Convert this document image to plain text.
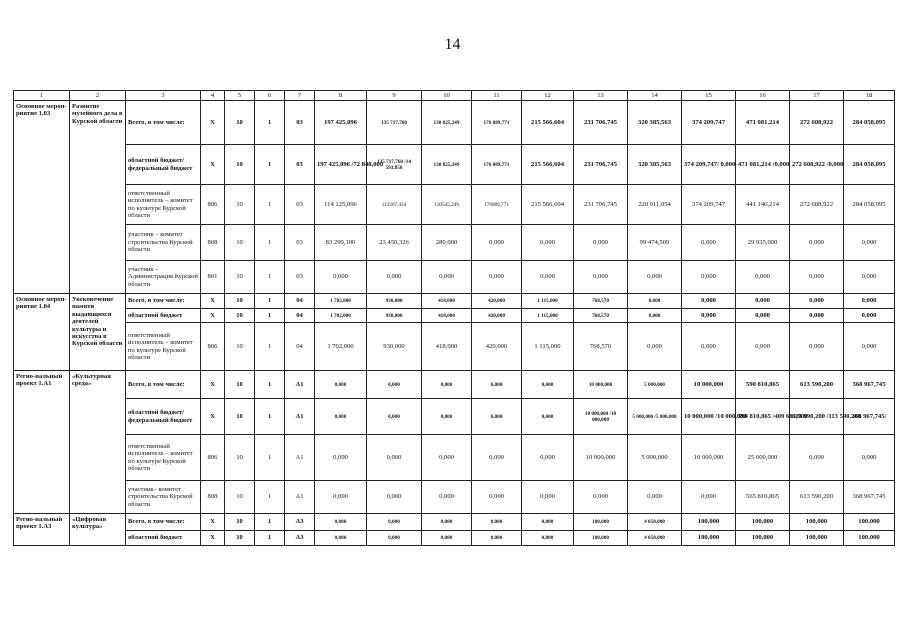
14
1	2	3	4	5	6	7	8	9	10	11	12	13	14	15	16	17	18
Основное мероп-риятие 1.03	Развитие музейного дела в Курской области	Всего, в том числе:	Х	10	1	03	197 425,096	135 717,760	130 825,249	176 889,771	215 566,604	231 706,745	320 385,563	374 209,747	471 081,214	272 608,922	284 058,095
		областной бюджет/ федеральный бюджет	Х	10	1	03	197 425,096 /72 848,000	135 717,760 /14 593,850	130 825,249	176 889,771	215 566,604	231 706,745	320 385,563	374 209,747/ 0,000	471 081,214 /0,000	272 608,922 /0,000	284 058,095
		ответственный исполнитель – комитет по культуре Курской области	806	10	1	03	114 125,096	112267,434	130545,249	176889,771	215 566,604	231 706,745	220 911,054	374 209,747	441 146,214	272 608,922	284 058,095
		участник – комитет строительства Курской области	808	10	1	03	83 299,100	23 450,326	280,000	0,000	0,000	0,000	99 474,509	0,000	29 935,000	0,000	0,000
		участник – Администрация Курской области	801	10	1	03	0,000	0,000	0,000	0,000	0,000	0,000	0,000	0,000	0,000	0,000	0,000
Основное мероп-риятие 1.04	Увековечение памяти выдающихся деятелей культуры и искусства в Курской области	Всего, в том числе:	Х	10	1	04	1 702,000	930,000	418,000	420,000	1 115,000	768,570	0,000	0,000	0,000	0,000	0,000
		областной бюджет	Х	10	1	04	1 702,000	930,000	418,000	420,000	1 115,000	768,570	0,000	0,000	0,000	0,000	0,000
		ответственный исполнитель – комитет по культуре Курской области	806	10	1	04	1 702,000	930,000	418,000	420,000	1 115,000	768,570	0,000	0,000	0,000	0,000	0,000
Регио-нальный проект 1.А1	«Культурная среда»	Всего, в том числе:	Х	10	1	А1	0,000	0,000	0,000	0,000	0,000	10 000,000	5 000,000	10 000,000	590 810,865	613 590,200	368 967,745
		областной бюджет/ федеральный бюджет	Х	10	1	А1	0,000	0,000	0,000	0,000	0,000	10 000,000 /10 000,000	5 000,000 /5 000,000	10 000,000 /10 000,000	590 810,865 /409 683,900	613 590,200 /113 590,200	368 967,745/
		ответственный исполнитель – комитет по культуре Курской области	806	10	1	А1	0,000	0,000	0,000	0,000	0,000	10 000,000	5 000,000	10 000,000	25 000,000	0,000	0,000
		участник– комитет строительства Курской области	808	10	1	А1	0,000	0,000	0,000	0,000	0,000	0,000	0,000	0,000	565 810,865	613 590,200	368 967,745
Регио-нальный проект 1.А3	«Цифровая культура»	Всего, в том числе:	Х	10	1	А3	0,000	0,000	0,000	0,000	0,000	100,000	4 050,000	100,000	100,000	100,000	100,000
		областной бюджет	Х	10	1	А3	0,000	0,000	0,000	0,000	0,000	100,000	4 050,000	100,000	100,000	100,000	100,000
